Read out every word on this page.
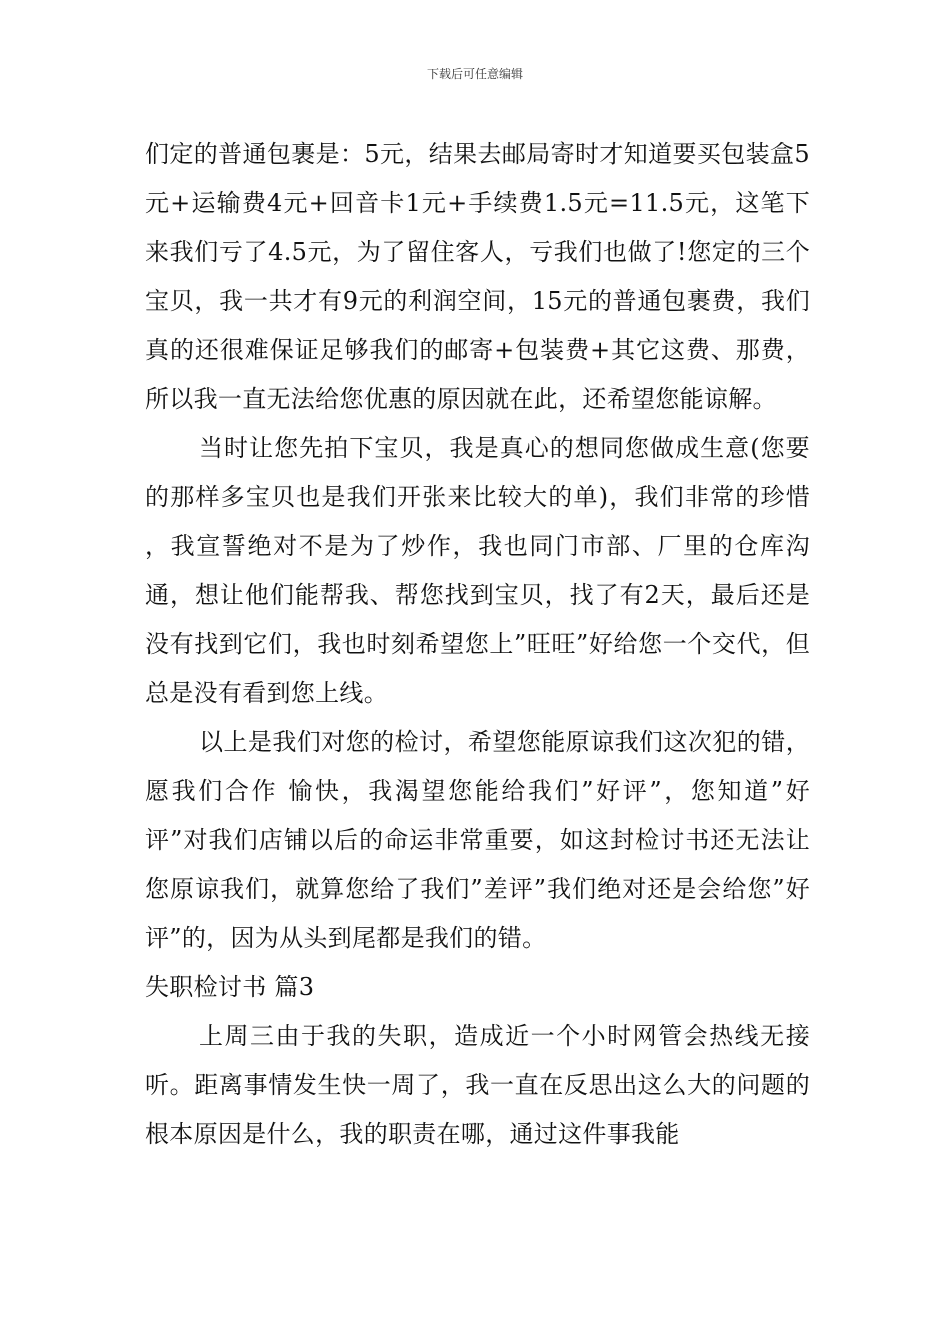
下载后可任意编辑

们定的普通包裹是：5元，结果去邮局寄时才知道要买包装盒5元+运输费4元+回音卡1元+手续费1.5元=11.5元，这笔下来我们亏了4.5元，为了留住客人，亏我们也做了!您定的三个宝贝，我一共才有9元的利润空间，15元的普通包裹费，我们真的还很难保证足够我们的邮寄+包装费+其它这费、那费，所以我一直无法给您优惠的原因就在此，还希望您能谅解。

当时让您先拍下宝贝，我是真心的想同您做成生意(您要的那样多宝贝也是我们开张来比较大的单)，我们非常的珍惜 ，我宣誓绝对不是为了炒作，我也同门市部、厂里的仓库沟通，想让他们能帮我、帮您找到宝贝，找了有2天，最后还是没有找到它们，我也时刻希望您上”旺旺”好给您一个交代，但总是没有看到您上线。

以上是我们对您的检讨，希望您能原谅我们这次犯的错，愿我们合作 愉快，我渴望您能给我们”好评”，您知道”好评”对我们店铺以后的命运非常重要，如这封检讨书还无法让您原谅我们，就算您给了我们”差评”我们绝对还是会给您”好评”的，因为从头到尾都是我们的错。

失职检讨书 篇3

上周三由于我的失职，造成近一个小时网管会热线无接听。距离事情发生快一周了，我一直在反思出这么大的问题的根本原因是什么，我的职责在哪，通过这件事我能
